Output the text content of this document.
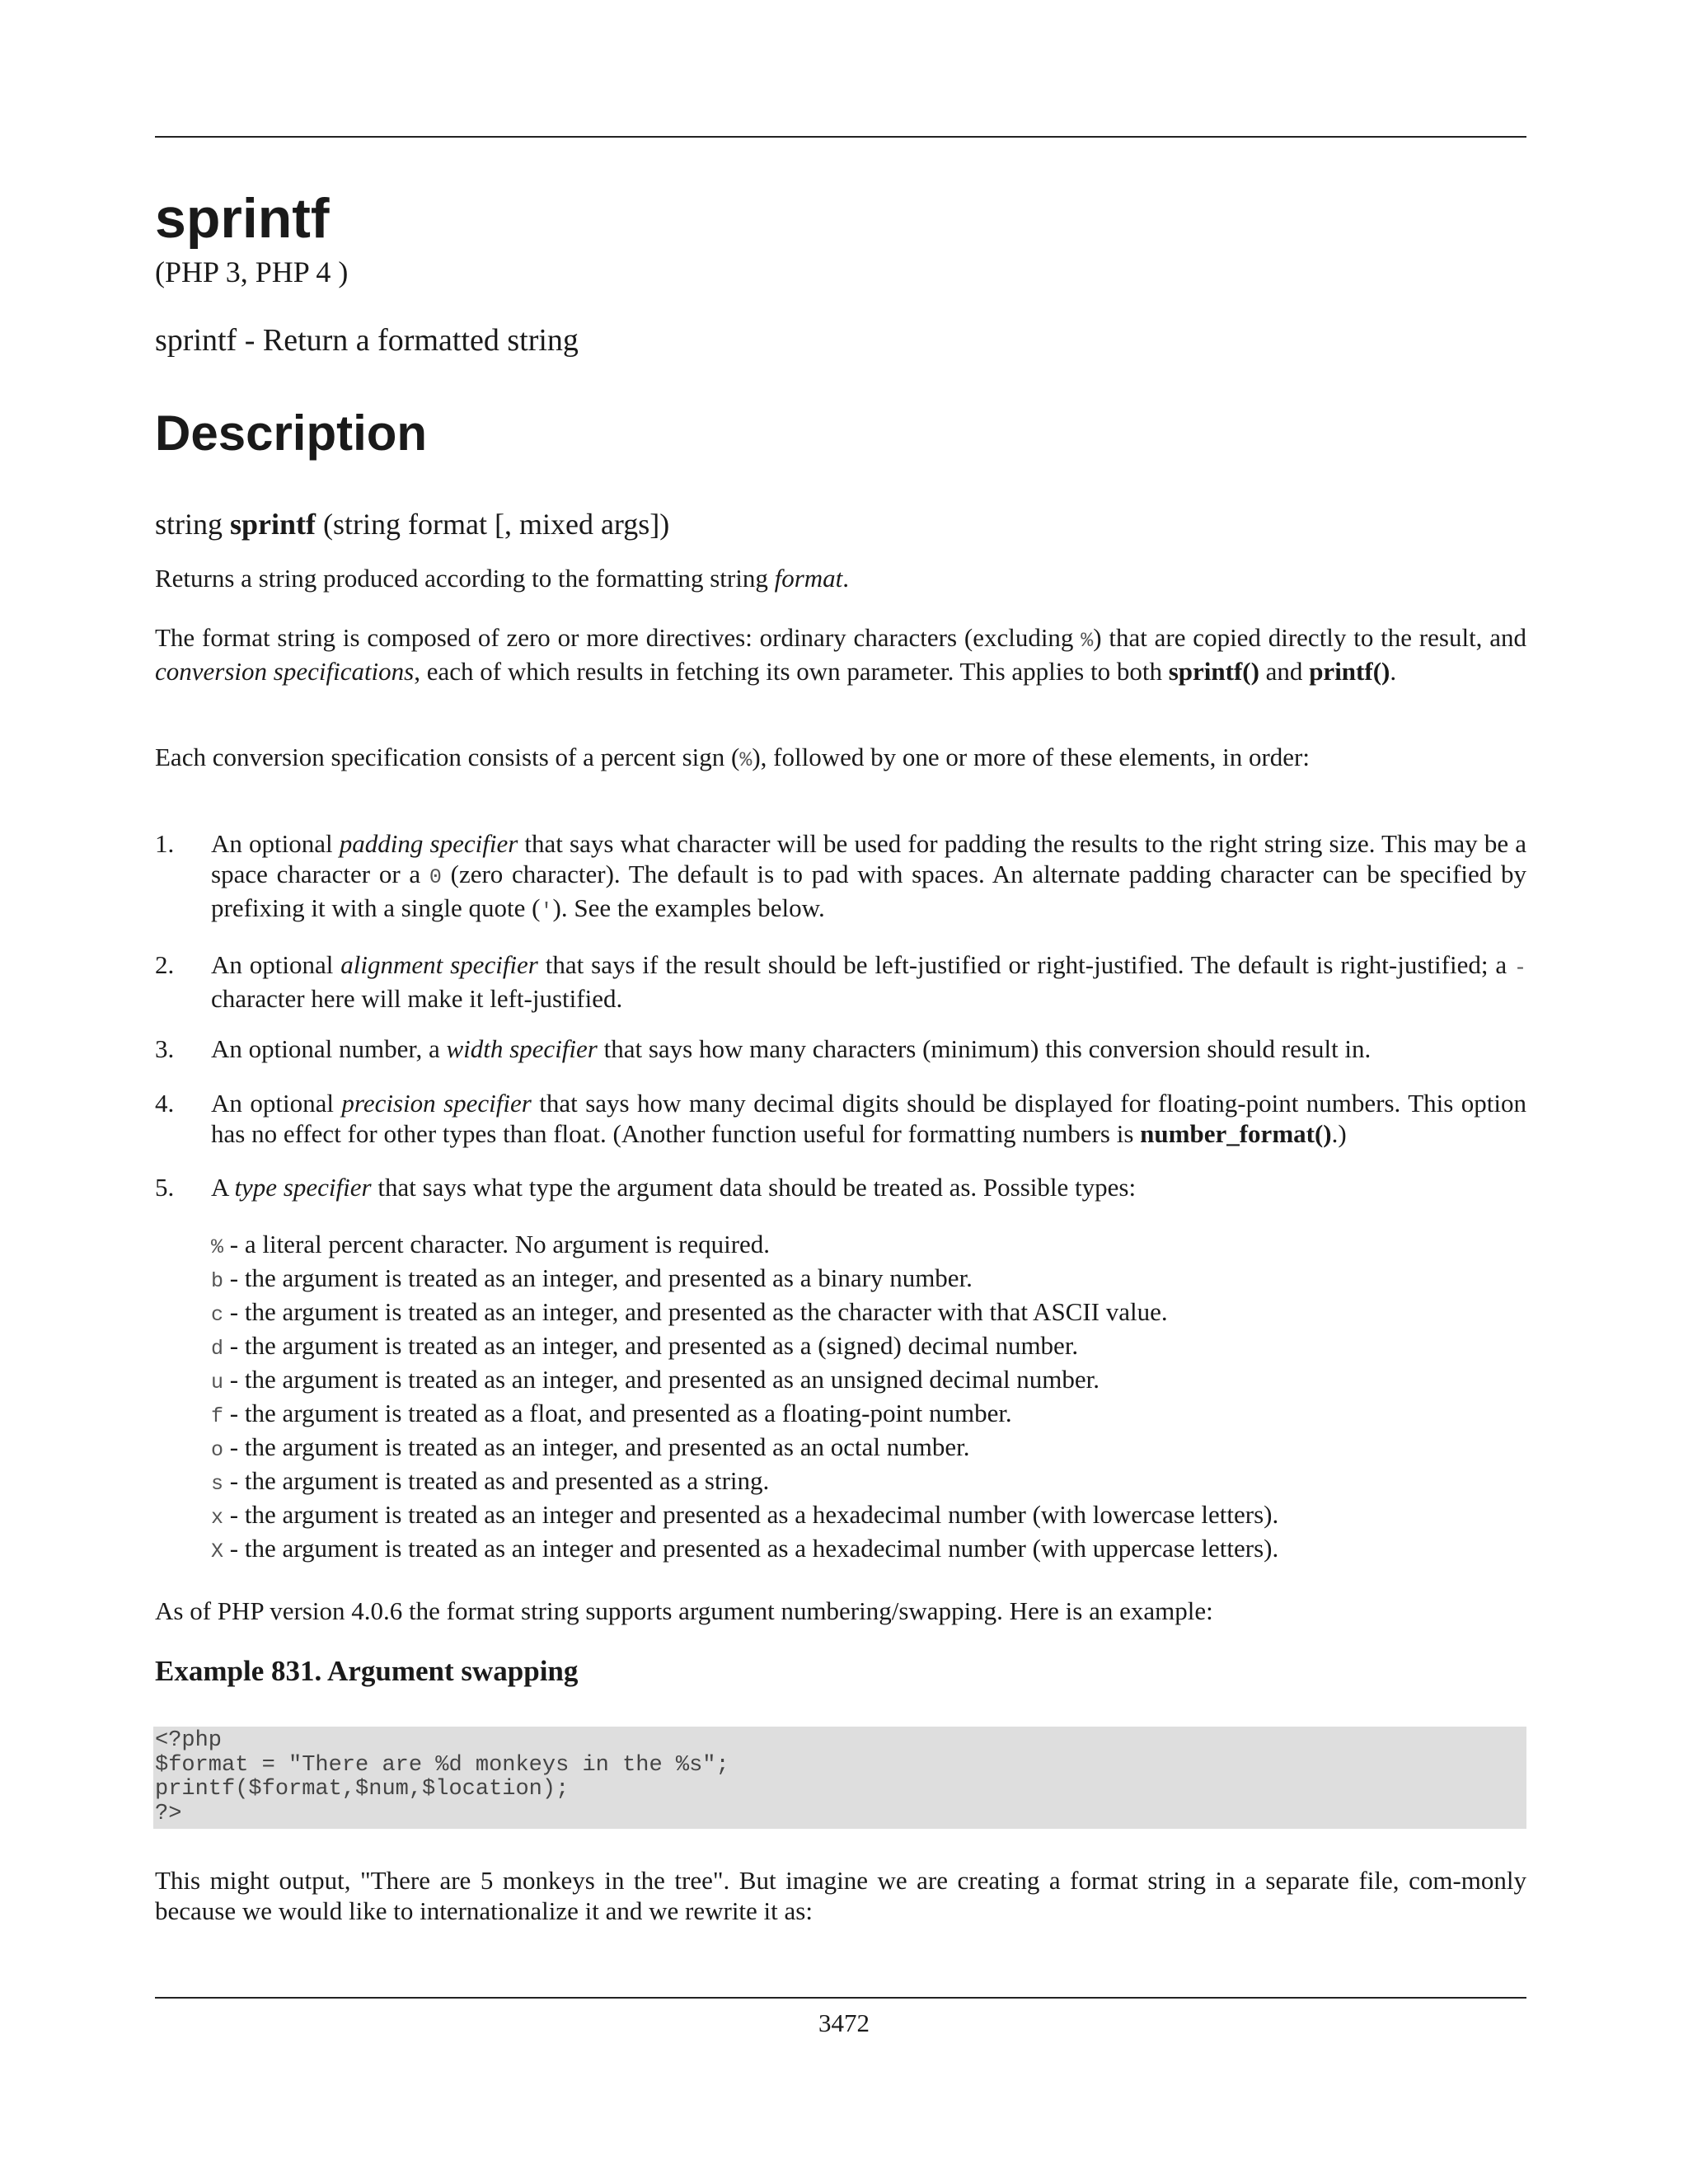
sprintf
(PHP 3, PHP 4 )
sprintf - Return a formatted string
Description
string sprintf (string format [, mixed args])

Returns a string produced according to the formatting string format.

The format string is composed of zero or more directives: ordinary characters (excluding %) that are copied directly to the result, and conversion specifications, each of which results in fetching its own parameter. This applies to both sprintf() and printf().

Each conversion specification consists of a percent sign (%), followed by one or more of these elements, in order:

1. An optional padding specifier that says what character will be used for padding the results to the right string size. This may be a space character or a 0 (zero character). The default is to pad with spaces. An alternate padding character can be specified by prefixing it with a single quote ('). See the examples below.
2. An optional alignment specifier that says if the result should be left-justified or right-justified. The default is right-justified; a - character here will make it left-justified.
3. An optional number, a width specifier that says how many characters (minimum) this conversion should result in.
4. An optional precision specifier that says how many decimal digits should be displayed for floating-point numbers. This option has no effect for other types than float. (Another function useful for formatting numbers is number_format().)
5. A type specifier that says what type the argument data should be treated as. Possible types:
% - a literal percent character. No argument is required.
b - the argument is treated as an integer, and presented as a binary number.
c - the argument is treated as an integer, and presented as the character with that ASCII value.
d - the argument is treated as an integer, and presented as a (signed) decimal number.
u - the argument is treated as an integer, and presented as an unsigned decimal number.
f - the argument is treated as a float, and presented as a floating-point number.
o - the argument is treated as an integer, and presented as an octal number.
s - the argument is treated as and presented as a string.
x - the argument is treated as an integer and presented as a hexadecimal number (with lowercase letters).
X - the argument is treated as an integer and presented as a hexadecimal number (with uppercase letters).

As of PHP version 4.0.6 the format string supports argument numbering/swapping. Here is an example:

Example 831. Argument swapping
<?php
$format = "There are %d monkeys in the %s";
printf($format,$num,$location);
?>

This might output, "There are 5 monkeys in the tree". But imagine we are creating a format string in a separate file, com-monly because we would like to internationalize it and we rewrite it as:

3472
